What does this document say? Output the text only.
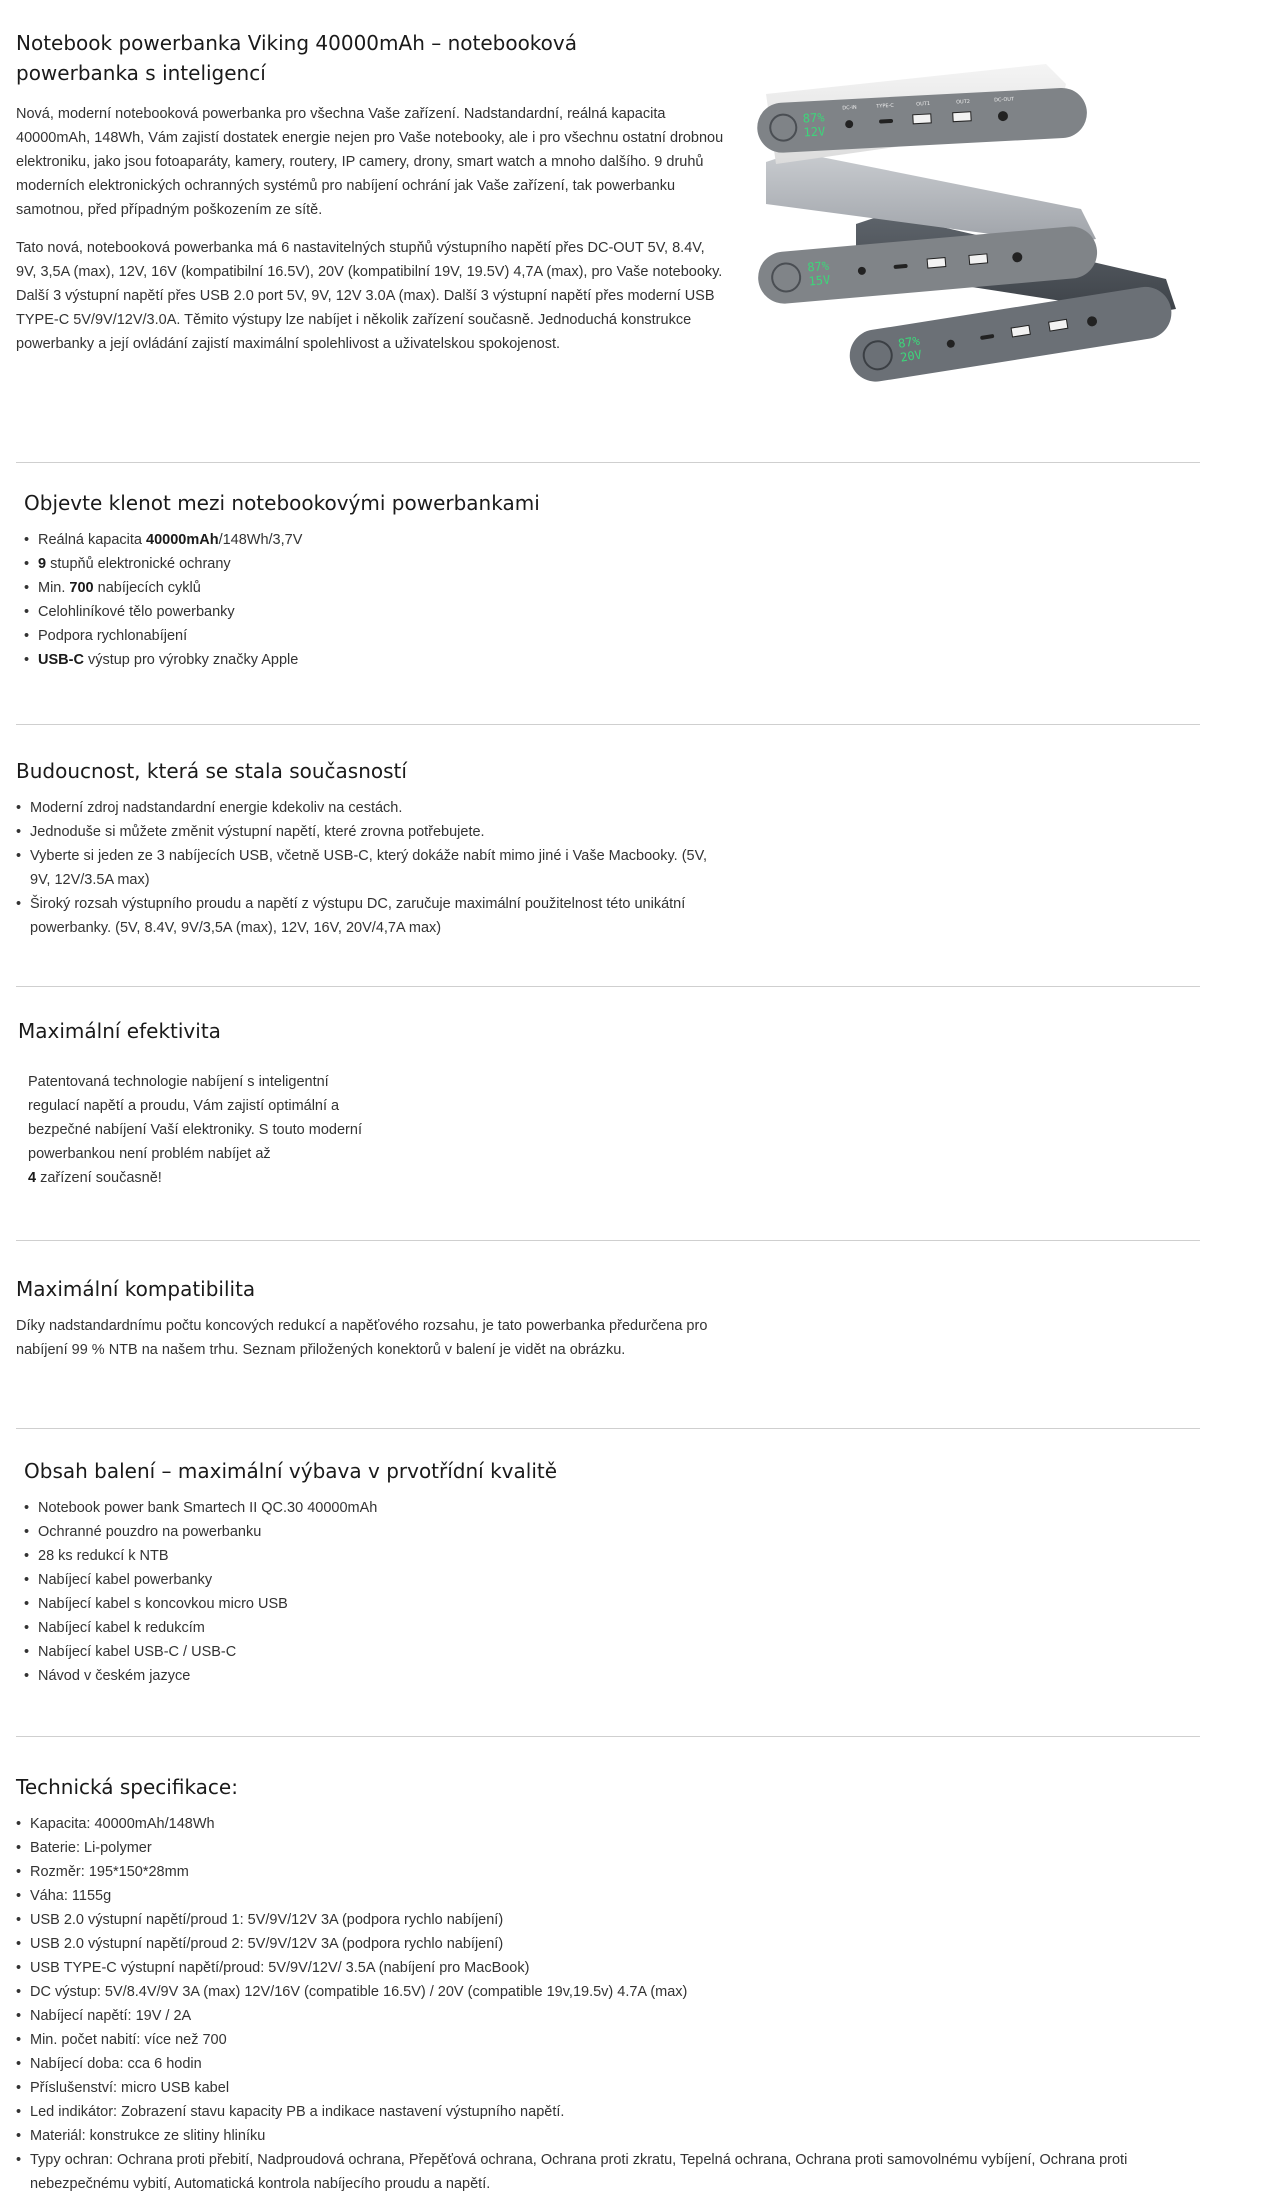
Notebook powerbanka Viking 40000mAh – notebooková
powerbanka s inteligencí

Nová, moderní notebooková powerbanka pro všechna Vaše zařízení. Nadstandardní, reálná kapacita 40000mAh, 148Wh, Vám zajistí dostatek energie nejen pro Vaše notebooky, ale i pro všechnu ostatní drobnou elektroniku, jako jsou fotoaparáty, kamery, routery, IP camery, drony, smart watch a mnoho dalšího. 9 druhů moderních elektronických ochranných systémů pro nabíjení ochrání jak Vaše zařízení, tak powerbanku samotnou, před případným poškozením ze sítě.

Tato nová, notebooková powerbanka má 6 nastavitelných stupňů výstupního napětí přes DC-OUT 5V, 8.4V, 9V, 3,5A (max), 12V, 16V (kompatibilní 16.5V), 20V (kompatibilní 19V, 19.5V) 4,7A (max), pro Vaše notebooky. Další 3 výstupní napětí přes USB 2.0 port 5V, 9V, 12V 3.0A (max). Další 3 výstupní napětí přes moderní USB TYPE-C 5V/9V/12V/3.0A. Těmito výstupy lze nabíjet i několik zařízení současně. Jednoduchá konstrukce powerbanky a její ovládání zajistí maximální spolehlivost a uživatelskou spokojenost.	87%
20V
87%
15V
87%
12V
DC-IN	TYPE-C	OUT1	OUT2	DC-OUT
Objevte klenot mezi notebookovými powerbankami
• Reálná kapacita 40000mAh/148Wh/3,7V
• 9 stupňů elektronické ochrany
• Min. 700 nabíjecích cyklů
• Celohliníkové tělo powerbanky
• Podpora rychlonabíjení
• USB-C výstup pro výrobky značky Apple
Budoucnost, která se stala současností
• Moderní zdroj nadstandardní energie kdekoliv na cestách.
• Jednoduše si můžete změnit výstupní napětí, které zrovna potřebujete.
• Vyberte si jeden ze 3 nabíjecích USB, včetně USB-C, který dokáže nabít mimo jiné i Vaše Macbooky. (5V, 9V, 12V/3.5A max)
• Široký rozsah výstupního proudu a napětí z výstupu DC, zaručuje maximální použitelnost této unikátní powerbanky. (5V, 8.4V, 9V/3,5A (max), 12V, 16V, 20V/4,7A max)
Maximální efektivita

Patentovaná technologie nabíjení s inteligentní regulací napětí a proudu, Vám zajistí optimální a bezpečné nabíjení Vaší elektroniky. S touto moderní powerbankou není problém nabíjet až
4 zařízení současně!

Maximální kompatibilita

Díky nadstandardnímu počtu koncových redukcí a napěťového rozsahu, je tato powerbanka předurčena pro nabíjení 99 % NTB na našem trhu. Seznam přiložených konektorů v balení je vidět na obrázku.

Obsah balení – maximální výbava v prvotřídní kvalitě
• Notebook power bank Smartech II QC.30 40000mAh
• Ochranné pouzdro na powerbanku
• 28 ks redukcí k NTB
• Nabíjecí kabel powerbanky
• Nabíjecí kabel s koncovkou micro USB
• Nabíjecí kabel k redukcím
• Nabíjecí kabel USB-C / USB-C
• Návod v českém jazyce
Technická specifikace:
• Kapacita: 40000mAh/148Wh
• Baterie: Li-polymer
• Rozměr: 195*150*28mm
• Váha: 1155g
• USB 2.0 výstupní napětí/proud 1: 5V/9V/12V 3A (podpora rychlo nabíjení)
• USB 2.0 výstupní napětí/proud 2: 5V/9V/12V 3A (podpora rychlo nabíjení)
• USB TYPE-C výstupní napětí/proud: 5V/9V/12V/ 3.5A (nabíjení pro MacBook)
• DC výstup: 5V/8.4V/9V 3A (max) 12V/16V (compatible 16.5V) / 20V (compatible 19v,19.5v) 4.7A (max)
• Nabíjecí napětí: 19V / 2A
• Min. počet nabití: více než 700
• Nabíjecí doba: cca 6 hodin
• Příslušenství: micro USB kabel
• Led indikátor: Zobrazení stavu kapacity PB a indikace nastavení výstupního napětí.
• Materiál: konstrukce ze slitiny hliníku
• Typy ochran: Ochrana proti přebití, Nadproudová ochrana, Přepěťová ochrana, Ochrana proti zkratu, Tepelná ochrana, Ochrana proti samovolnému vybíjení, Ochrana proti nebezpečnému vybití, Automatická kontrola nabíjecího proudu a napětí.
